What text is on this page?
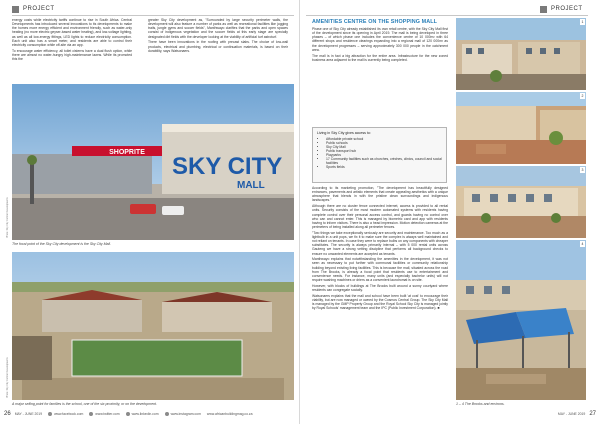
PROJECT

energy costs while electricity tariffs continue to rise in South Africa. Central Developments has introduced several innovations to its developments to make the homes more energy efficient and environment friendly, such as water-only heating (no more electric geyser-based water heating), and low-voltage lighting, as well as all low-energy fittings, LED lights to reduce electricity consumption. Each unit also has a smart meter, and residents are able to control their electricity consumption while off-site via an app.

To encourage water efficiency, all toilet cisterns have a dual flush option, while there are almost no water-hungry high-maintenance lawns. While its promoted this the

greater Sky City development as, "Surrounded by large security perimeter walls, the development will also feature a number of parks as well as recreational facilities like jogging trails, jungle gyms and soccer fields", Manthwayo clarifies that the parks and open spaces consist of indigenous vegetation and the soccer fields at this early stage are specially designated dirt fields with the developer looking at the viability of artificial turf astroturf.

There have been innovations in the roofing with precast slabs. The choice of low-wall products, electrical and plumbing, electrical or continuation materials, is based on their durability, says Watsonaers.

SHOPRITE
SKY CITY
MALL
Photo: Sky City Central Developments
The focal point of the Sky City development is the Sky City Mall.
Photo: Sky City Central Developments
A major selling point for families is the school, one of the six proximity, or on the development.
26 MAY - JUNE 2019	www.facebook.com	www.twitter.com	www.linkedin.com	www.instagram.com www.africanbuildingmag.co.za
PROJECT
AMENITIES CENTRE ON THE SHOPPING MALL

Phase one of Sky City already established its own retail centre, with the Sky City Mall first of the development since its opening in April 2019. The mall is being developed in three phases – of which phase one includes the convenience centre of 10 000m² with 64 different shops and residence clearings expanding into a regional mall of 120 000m² as the development progresses – serving approximately 300 000 people in the catchment area.

The mall is in fact a big attraction for the entire area. Infrastructure for the new zoned business area adjacent to the mall is currently being completed.

Living in Sky City gives access to:
• Affordable private school
• Public schools
• Sky City Mall
• Public transport hub
• Playparks
• 17 Community facilities such as churches, crèches, clinics, council and social facilities
• Sports fields

According to its marketing promotion, "The development has beautifully designed entrances, pavements and artistic elements that create appealing aesthetics with a unique atmosphere that blends in with the pristine clean surroundings and indigenous landscapes."

Although there are no cluster fence connected internet, access is provided to all rental units. Security consists of the most modern automated systems with residents having complete control over their personal access control, and guards having no control over who can and cannot enter. This is managed by biometric card and app with residents having to inform visitors. There is also a head impression. Motion detection cameras at the perimeters of being installed along all perimeter fences.

"Two things we take exceptionally seriously are security and maintenance. Too much as a lightbulb in a unit pops, we fix it to make sure the complex is always well maintained and not reliant on tenants. In case they were to replace bulbs on any components with cheaper substitutes. The security is always primarily internal – with 5 000 rental units across Gauteng we have a strong vetting discipline that performs all background checks to ensure no unwanted elements are accepted as tenants.

Manthwayo explains that notwithstanding the amenities in the development, it was not seen as necessary to put further with communal facilities or community relationship building beyond existing living facilities. This is because the mall, situated across the road from The Brooks, is already a focal point that residents use to entertainment and convenience needs. For instance, many units (and especially bachelor units) will not require washing machines or driers as a convenient laundromat is on site.

However, with blocks of buildings at The Brooks built around a sunny courtyard where residents can congregate socially.

Watsonaers explains that the mall and school have been built 'at cost' to encourage their viability, but are now managed or owned by the Cosmos Central Group. The Sky City Mall is managed by the GMP Property Group and the Royal School Sky City is managed jointly by Royal Schools' management team and the IPC (Public Investment Corporation). ■

1
2
3
4
1 – 4 The Brooks and environs.
MAY - JUNE 2019 27
